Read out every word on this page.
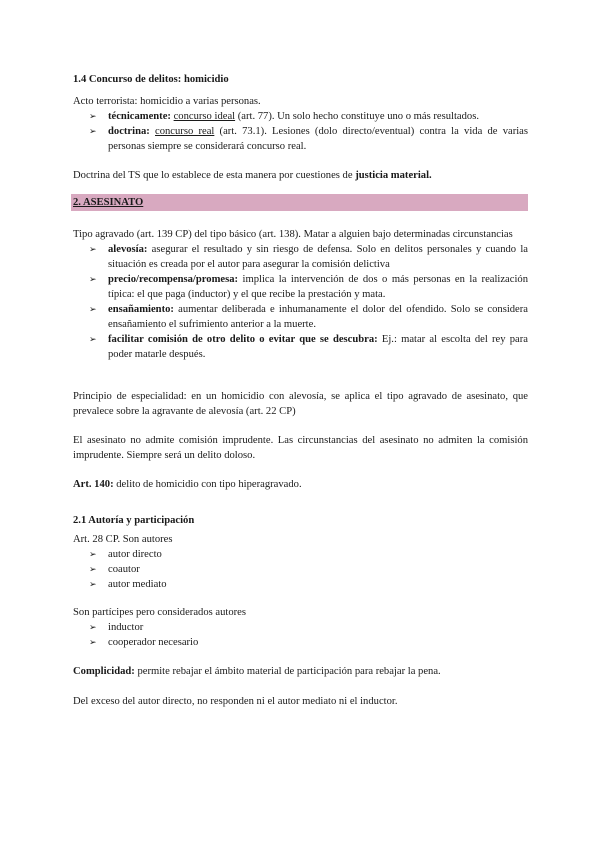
1.4 Concurso de delitos: homicidio

Acto terrorista: homicidio a varias personas.

➢ técnicamente: concurso ideal (art. 77). Un solo hecho constituye uno o más resultados.
➢ doctrina: concurso real (art. 73.1). Lesiones (dolo directo/eventual) contra la vida de varias personas siempre se considerará concurso real.

Doctrina del TS que lo establece de esta manera por cuestiones de justicia material.

2. ASESINATO

Tipo agravado (art. 139 CP) del tipo básico (art. 138). Matar a alguien bajo determinadas circunstancias

➢ alevosía: asegurar el resultado y sin riesgo de defensa. Solo en delitos personales y cuando la situación es creada por el autor para asegurar la comisión delictiva
➢ precio/recompensa/promesa: implica la intervención de dos o más personas en la realización típica: el que paga (inductor) y el que recibe la prestación y mata.
➢ ensañamiento: aumentar deliberada e inhumanamente el dolor del ofendido. Solo se considera ensañamiento el sufrimiento anterior a la muerte.
➢ facilitar comisión de otro delito o evitar que se descubra: Ej.: matar al escolta del rey para poder matarle después.

Principio de especialidad: en un homicidio con alevosía, se aplica el tipo agravado de asesinato, que prevalece sobre la agravante de alevosía (art. 22 CP)

El asesinato no admite comisión imprudente. Las circunstancias del asesinato no admiten la comisión imprudente. Siempre será un delito doloso.

Art. 140: delito de homicidio con tipo hiperagravado.

2.1 Autoría y participación

Art. 28 CP. Son autores

➢ autor directo
➢ coautor
➢ autor mediato

Son partícipes pero considerados autores

➢ inductor
➢ cooperador necesario

Complicidad: permite rebajar el ámbito material de participación para rebajar la pena.

Del exceso del autor directo, no responden ni el autor mediato ni el inductor.
